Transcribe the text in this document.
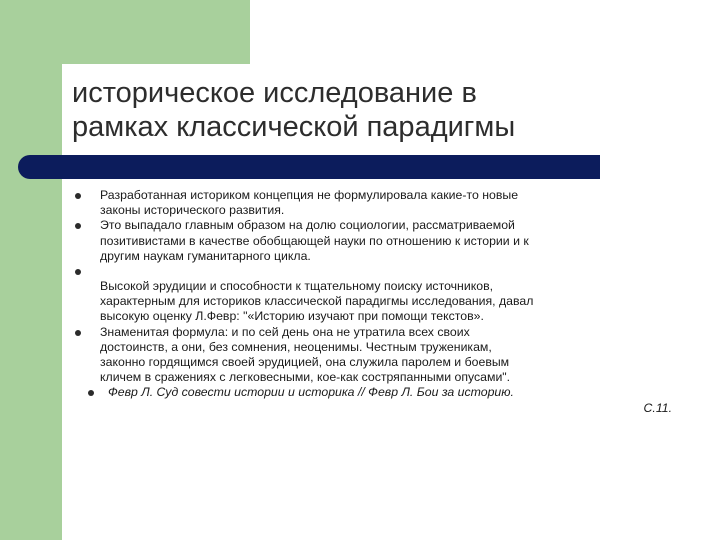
историческое исследование в
рамках классической парадигмы
Разработанная историком концепция не формулировала какие-то новые
законы исторического развития.
Это выпадало главным образом на долю социологии, рассматриваемой
позитивистами в качестве обобщающей науки по отношению к истории и к
другим наукам гуманитарного цикла.
Высокой эрудиции и способности к тщательному поиску источников,
характерным для историков классической парадигмы исследования, давал
высокую оценку Л.Февр: "«Историю изучают при помощи текстов».
Знаменитая формула: и по сей день она не утратила всех своих
достоинств, а они, без сомнения, неоценимы. Честным труженикам,
законно гордящимся своей эрудицией, она служила паролем и боевым
кличем в сражениях с легковесными, кое-как состряпанными опусами".
Февр Л. Суд совести истории и историка // Февр Л. Бои за историю.
С.11.
